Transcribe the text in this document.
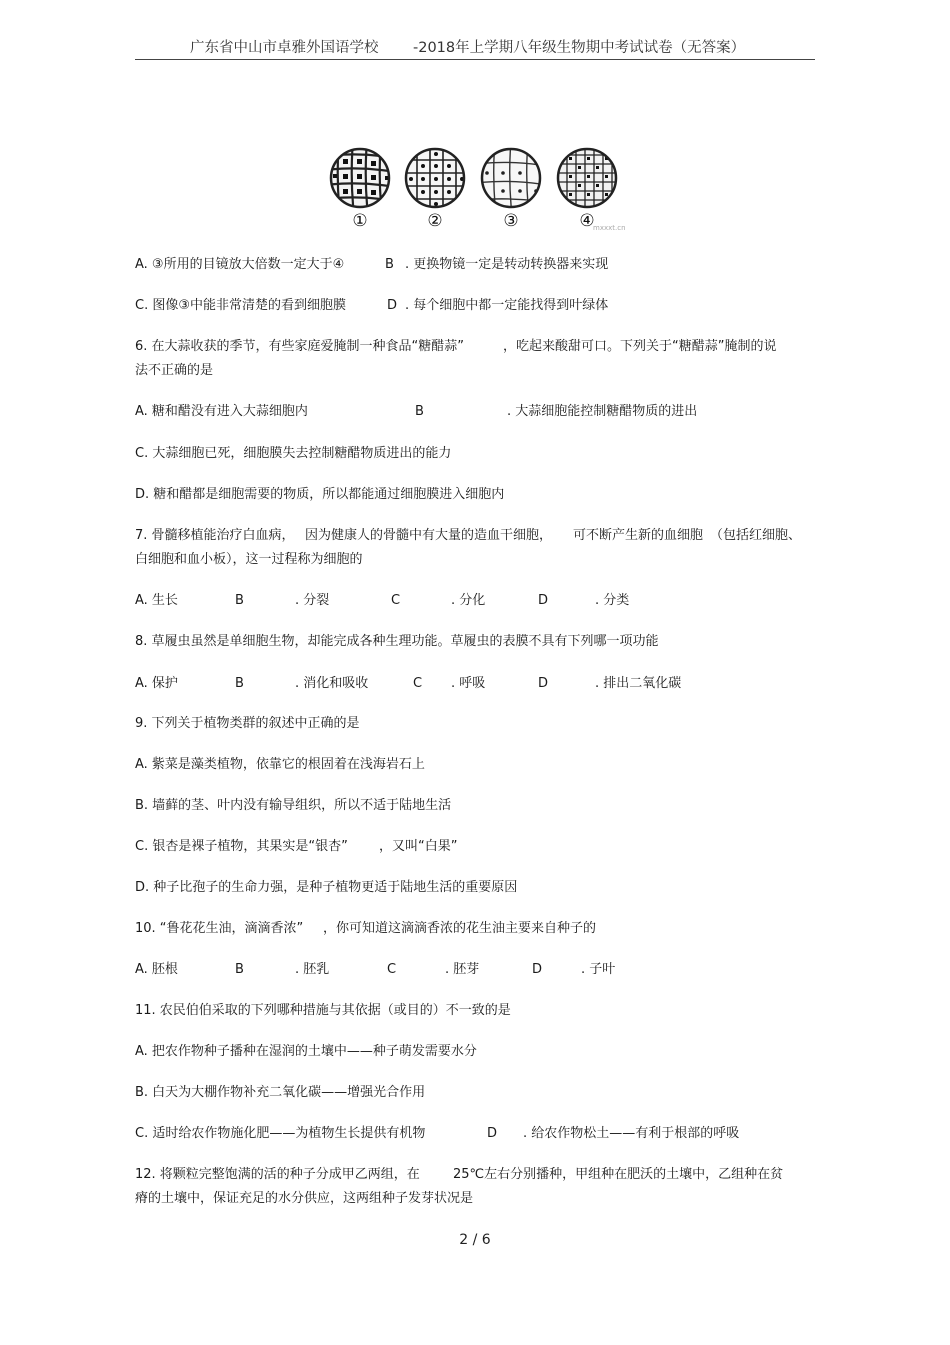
广东省中山市卓雅外国语学校 -2018年上学期八年级生物期中考试试卷（无答案）
①	②	③	④
mxxxt.cn
A. ③所用的目镜放大倍数一定大于④	B . 更换物镜一定是转动转换器来实现
C. 图像③中能非常清楚的看到细胞膜	D . 每个细胞中都一定能找得到叶绿体
6. 在大蒜收获的季节，有些家庭爱腌制一种食品“糖醋蒜”	，吃起来酸甜可口。下列关于“糖醋蒜”腌制的说
法不正确的是
A. 糖和醋没有进入大蒜细胞内	B	. 大蒜细胞能控制糖醋物质的进出
C. 大蒜细胞已死，细胞膜失去控制糖醋物质进出的能力
D. 糖和醋都是细胞需要的物质，所以都能通过细胞膜进入细胞内
7. 骨髓移植能治疗白血病， 因为健康人的骨髓中有大量的造血干细胞， 可不断产生新的血细胞 （包括红细胞、
白细胞和血小板），这一过程称为细胞的
A. 生长	B	. 分裂	C	. 分化	D	. 分类
8. 草履虫虽然是单细胞生物，却能完成各种生理功能。草履虫的表膜不具有下列哪一项功能
A. 保护	B	. 消化和吸收	C . 呼吸	D	. 排出二氧化碳
9. 下列关于植物类群的叙述中正确的是
A. 紫菜是藻类植物，依靠它的根固着在浅海岩石上
B. 墙藓的茎、叶内没有输导组织，所以不适于陆地生活
C. 银杏是裸子植物，其果实是“银杏” ，又叫“白果”
D. 种子比孢子的生命力强，是种子植物更适于陆地生活的重要原因
10. “鲁花花生油，滴滴香浓” ，你可知道这滴滴香浓的花生油主要来自种子的
A. 胚根	B	. 胚乳	C	. 胚芽	D	. 子叶
11. 农民伯伯采取的下列哪种措施与其依据（或目的）不一致的是
A. 把农作物种子播种在湿润的土壤中——种子萌发需要水分
B. 白天为大棚作物补充二氧化碳——增强光合作用
C. 适时给农作物施化肥——为植物生长提供有机物	D . 给农作物松土——有利于根部的呼吸
12. 将颗粒完整饱满的活的种子分成甲乙两组，在	25℃左右分别播种，甲组种在肥沃的土壤中，乙组种在贫
瘠的土壤中，保证充足的水分供应，这两组种子发芽状况是
2 / 6
